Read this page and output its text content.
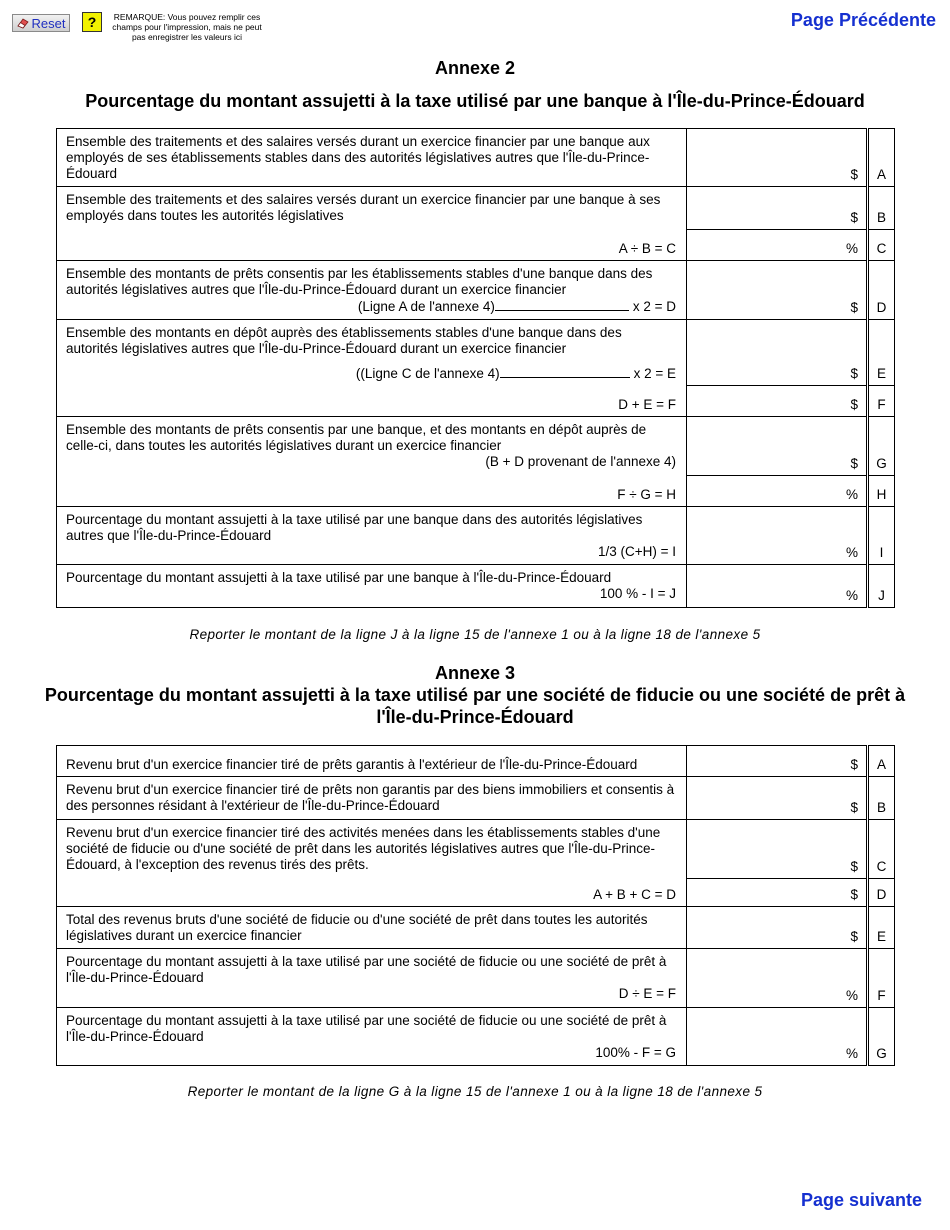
Reset	?	REMARQUE: Vous pouvez remplir ces champs pour l'impression, mais ne peut pas enregistrer les valeurs ici
Page Précédente
Annexe 2
Pourcentage du montant assujetti à la taxe utilisé par une banque à l'Île-du-Prince-Édouard
Ensemble des traitements et des salaires versés durant un exercice financier par une banque aux employés de ses établissements stables dans des autorités législatives autres que l'Île-du-Prince-Édouard	$		A
Ensemble des traitements et des salaires versés durant un exercice financier par une banque à ses employés dans toutes les autorités législatives	$		B
A ÷ B = C	%		C

Ensemble des montants de prêts consentis par les établissements stables d'une banque dans des autorités législatives autres que l'Île-du-Prince-Édouard durant un exercice financier
(Ligne A de l'annexe 4) x 2 = D	$		D

Ensemble des montants en dépôt auprès des établissements stables d'une banque dans des autorités législatives autres que l'Île-du-Prince-Édouard durant un exercice financier
((Ligne C de l'annexe 4) x 2 = E	$		E
D + E = F	$		F

Ensemble des montants de prêts consentis par une banque, et des montants en dépôt auprès de celle-ci, dans toutes les autorités législatives durant un exercice financier
(B + D provenant de l'annexe 4)	$		G
F ÷ G = H	%		H

Pourcentage du montant assujetti à la taxe utilisé par une banque dans des autorités législatives autres que l'Île-du-Prince-Édouard
1/3 (C+H) = I	%		I

Pourcentage du montant assujetti à la taxe utilisé par une banque à l'Île-du-Prince-Édouard
100 % - I = J	%		J
Reporter le montant de la ligne J à la ligne 15 de l'annexe 1 ou à la ligne 18 de l'annexe 5
Annexe 3
Pourcentage du montant assujetti à la taxe utilisé par une société de fiducie ou une société de prêt à l'Île-du-Prince-Édouard
Revenu brut d'un exercice financier tiré de prêts garantis à l'extérieur de l'Île-du-Prince-Édouard	$		A
Revenu brut d'un exercice financier tiré de prêts non garantis par des biens immobiliers et consentis à des personnes résidant à l'extérieur de l'Île-du-Prince-Édouard	$		B
Revenu brut d'un exercice financier tiré des activités menées dans les établissements stables d'une société de fiducie ou d'une société de prêt dans les autorités législatives autres que l'Île-du-Prince-Édouard, à l'exception des revenus tirés des prêts.	$		C
A + B + C = D	$		D
Total des revenus bruts d'une société de fiducie ou d'une société de prêt dans toutes les autorités législatives durant un exercice financier	$		E

Pourcentage du montant assujetti à la taxe utilisé par une société de fiducie ou une société de prêt à l'Île-du-Prince-Édouard
D ÷ E = F	%		F

Pourcentage du montant assujetti à la taxe utilisé par une société de fiducie ou une société de prêt à l'Île-du-Prince-Édouard
100% - F = G	%		G
Reporter le montant de la ligne G à la ligne 15 de l'annexe 1 ou à la ligne 18 de l'annexe 5
Page suivante
